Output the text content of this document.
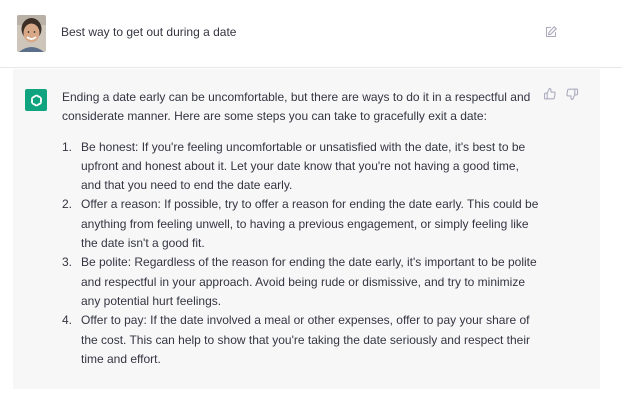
Best way to get out during a date

Ending a date early can be uncomfortable, but there are ways to do it in a respectful and considerate manner. Here are some steps you can take to gracefully exit a date:

1. Be honest: If you're feeling uncomfortable or unsatisfied with the date, it's best to be upfront and honest about it. Let your date know that you're not having a good time, and that you need to end the date early.
2. Offer a reason: If possible, try to offer a reason for ending the date early. This could be anything from feeling unwell, to having a previous engagement, or simply feeling like the date isn't a good fit.
3. Be polite: Regardless of the reason for ending the date early, it's important to be polite and respectful in your approach. Avoid being rude or dismissive, and try to minimize any potential hurt feelings.
4. Offer to pay: If the date involved a meal or other expenses, offer to pay your share of the cost. This can help to show that you're taking the date seriously and respect their time and effort.
